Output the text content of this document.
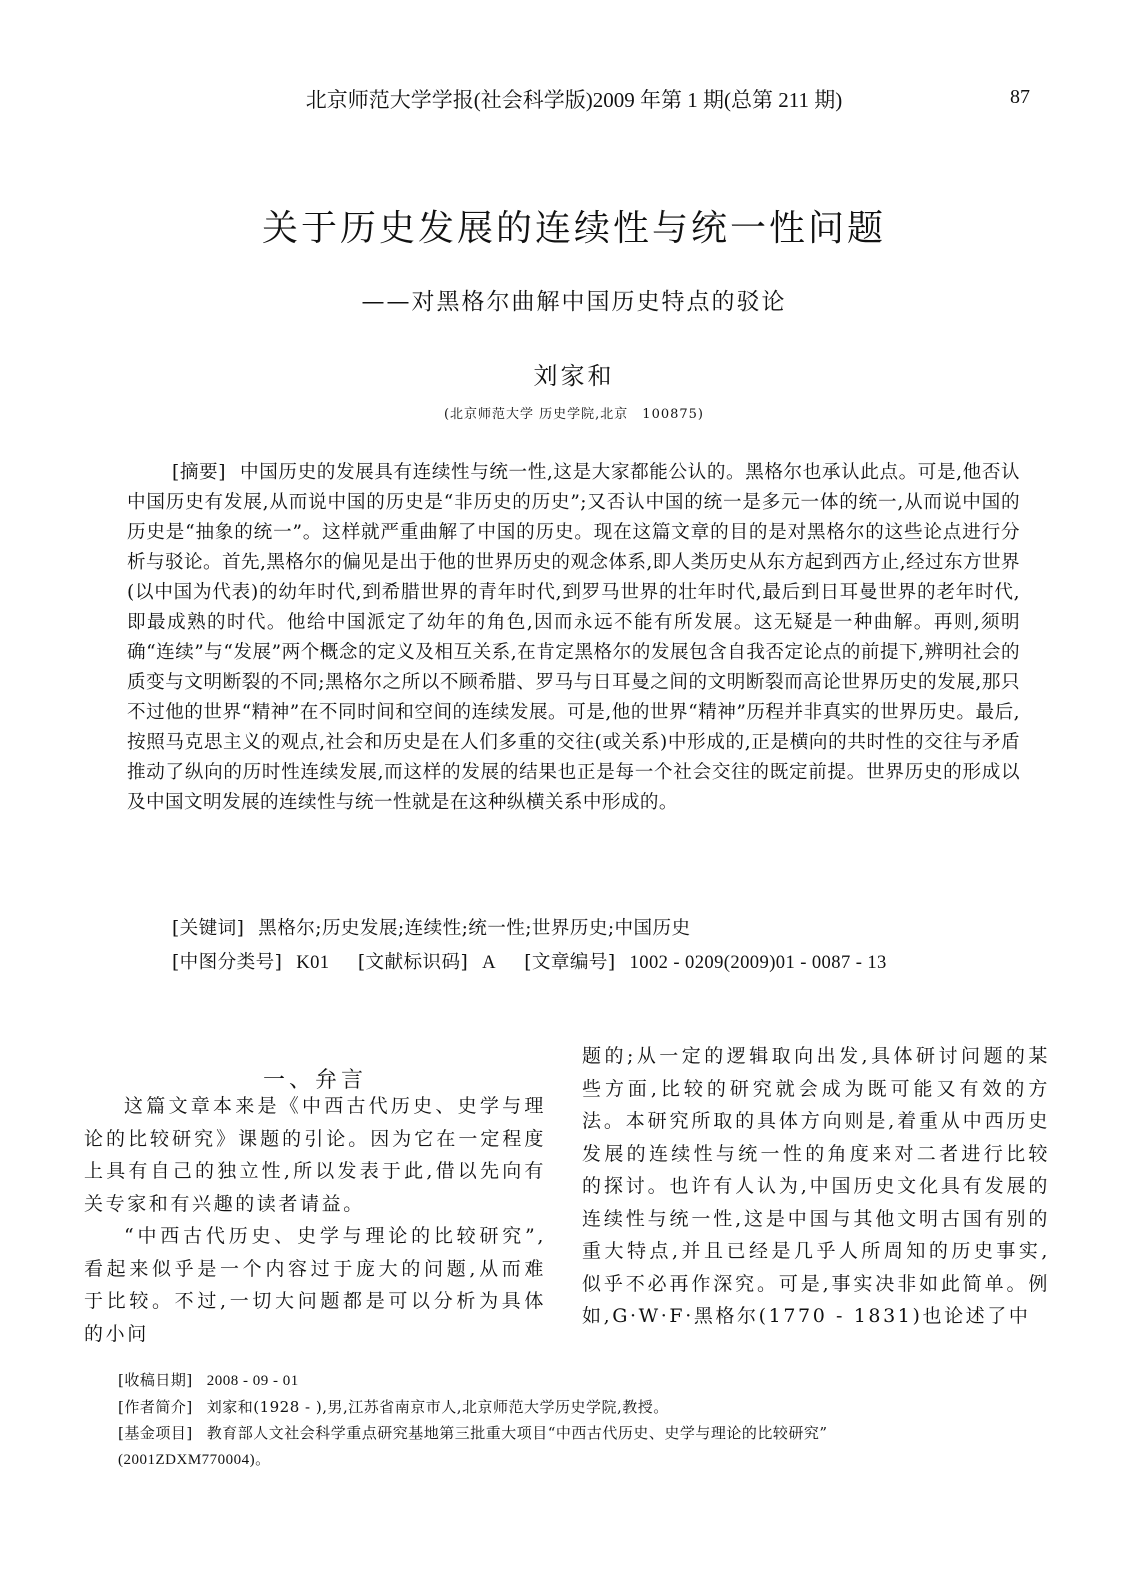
北京师范大学学报(社会科学版)2009 年第 1 期(总第 211 期)	87
关于历史发展的连续性与统一性问题
——对黑格尔曲解中国历史特点的驳论
刘家和
(北京师范大学 历史学院,北京　100875)
[摘要] 中国历史的发展具有连续性与统一性,这是大家都能公认的。黑格尔也承认此点。可是,他否认中国历史有发展,从而说中国的历史是“非历史的历史”;又否认中国的统一是多元一体的统一,从而说中国的历史是“抽象的统一”。这样就严重曲解了中国的历史。现在这篇文章的目的是对黑格尔的这些论点进行分析与驳论。首先,黑格尔的偏见是出于他的世界历史的观念体系,即人类历史从东方起到西方止,经过东方世界(以中国为代表)的幼年时代,到希腊世界的青年时代,到罗马世界的壮年时代,最后到日耳曼世界的老年时代,即最成熟的时代。他给中国派定了幼年的角色,因而永远不能有所发展。这无疑是一种曲解。再则,须明确“连续”与“发展”两个概念的定义及相互关系,在肯定黑格尔的发展包含自我否定论点的前提下,辨明社会的质变与文明断裂的不同;黑格尔之所以不顾希腊、罗马与日耳曼之间的文明断裂而高论世界历史的发展,那只不过他的世界“精神”在不同时间和空间的连续发展。可是,他的世界“精神”历程并非真实的世界历史。最后,按照马克思主义的观点,社会和历史是在人们多重的交往(或关系)中形成的,正是横向的共时性的交往与矛盾推动了纵向的历时性连续发展,而这样的发展的结果也正是每一个社会交往的既定前提。世界历史的形成以及中国文明发展的连续性与统一性就是在这种纵横关系中形成的。
[关键词] 黑格尔;历史发展;连续性;统一性;世界历史;中国历史
[中图分类号] K01 [文献标识码] A [文章编号] 1002 - 0209(2009)01 - 0087 - 13
一、弁言

这篇文章本来是《中西古代历史、史学与理论的比较研究》课题的引论。因为它在一定程度上具有自己的独立性,所以发表于此,借以先向有关专家和有兴趣的读者请益。

“中西古代历史、史学与理论的比较研究”,看起来似乎是一个内容过于庞大的问题,从而难于比较。不过,一切大问题都是可以分析为具体的小问

题的;从一定的逻辑取向出发,具体研讨问题的某些方面,比较的研究就会成为既可能又有效的方法。本研究所取的具体方向则是,着重从中西历史发展的连续性与统一性的角度来对二者进行比较的探讨。也许有人认为,中国历史文化具有发展的连续性与统一性,这是中国与其他文明古国有别的重大特点,并且已经是几乎人所周知的历史事实,似乎不必再作深究。可是,事实决非如此简单。例如,G·W·F·黑格尔(1770 - 1831)也论述了中

[收稿日期] 2008 - 09 - 01
[作者简介] 刘家和(1928 - ),男,江苏省南京市人,北京师范大学历史学院,教授。
[基金项目] 教育部人文社会科学重点研究基地第三批重大项目“中西古代历史、史学与理论的比较研究”
(2001ZDXM770004)。
